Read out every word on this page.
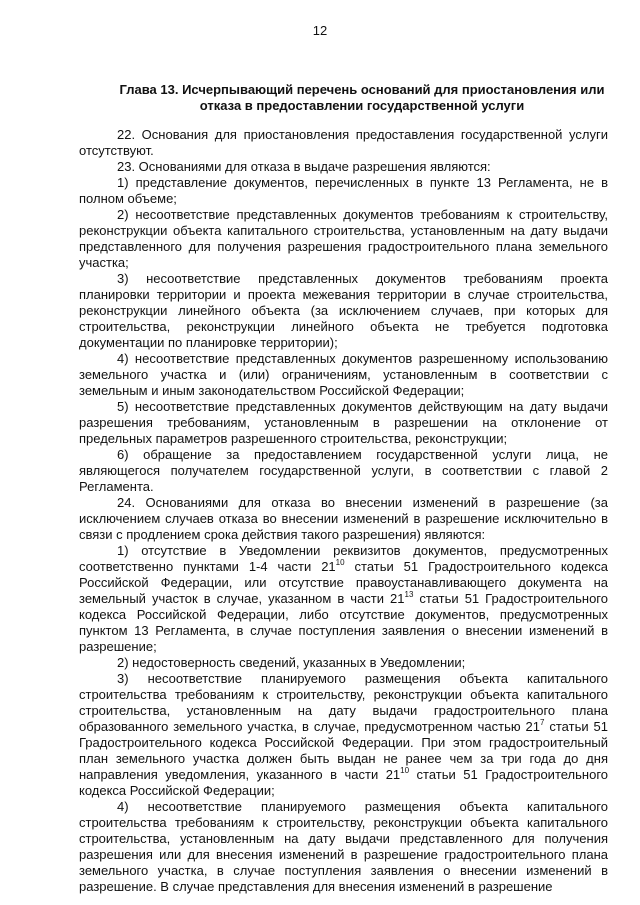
12
Глава 13. Исчерпывающий перечень оснований для приостановления или отказа в предоставлении государственной услуги

22. Основания для приостановления предоставления государственной услуги отсутствуют.

23. Основаниями для отказа в выдаче разрешения являются:

1) представление документов, перечисленных в пункте 13 Регламента, не в полном объеме;

2) несоответствие представленных документов требованиям к строительству, реконструкции объекта капитального строительства, установленным на дату выдачи представленного для получения разрешения градостроительного плана земельного участка;

3) несоответствие представленных документов требованиям проекта планировки территории и проекта межевания территории в случае строительства, реконструкции линейного объекта (за исключением случаев, при которых для строительства, реконструкции линейного объекта не требуется подготовка документации по планировке территории);

4) несоответствие представленных документов разрешенному использованию земельного участка и (или) ограничениям, установленным в соответствии с земельным и иным законодательством Российской Федерации;

5) несоответствие представленных документов действующим на дату выдачи разрешения требованиям, установленным в разрешении на отклонение от предельных параметров разрешенного строительства, реконструкции;

6) обращение за предоставлением государственной услуги лица, не являющегося получателем государственной услуги, в соответствии с главой 2 Регламента.

24. Основаниями для отказа во внесении изменений в разрешение (за исключением случаев отказа во внесении изменений в разрешение исключительно в связи с продлением срока действия такого разрешения) являются:

1) отсутствие в Уведомлении реквизитов документов, предусмотренных соответственно пунктами 1-4 части $21^{10}$ статьи 51 Градостроительного кодекса Российской Федерации, или отсутствие правоустанавливающего документа на земельный участок в случае, указанном в части $21^{13}$ статьи 51 Градостроительного кодекса Российской Федерации, либо отсутствие документов, предусмотренных пунктом 13 Регламента, в случае поступления заявления о внесении изменений в разрешение;

2) недостоверность сведений, указанных в Уведомлении;

3) несоответствие планируемого размещения объекта капитального строительства требованиям к строительству, реконструкции объекта капитального строительства, установленным на дату выдачи градостроительного плана образованного земельного участка, в случае, предусмотренном частью $21^7$ статьи 51 Градостроительного кодекса Российской Федерации. При этом градостроительный план земельного участка должен быть выдан не ранее чем за три года до дня направления уведомления, указанного в части $21^{10}$ статьи 51 Градостроительного кодекса Российской Федерации;

4) несоответствие планируемого размещения объекта капитального строительства требованиям к строительству, реконструкции объекта капитального строительства, установленным на дату выдачи представленного для получения разрешения или для внесения изменений в разрешение градостроительного плана земельного участка, в случае поступления заявления о внесении изменений в разрешение. В случае представления для внесения изменений в разрешение
